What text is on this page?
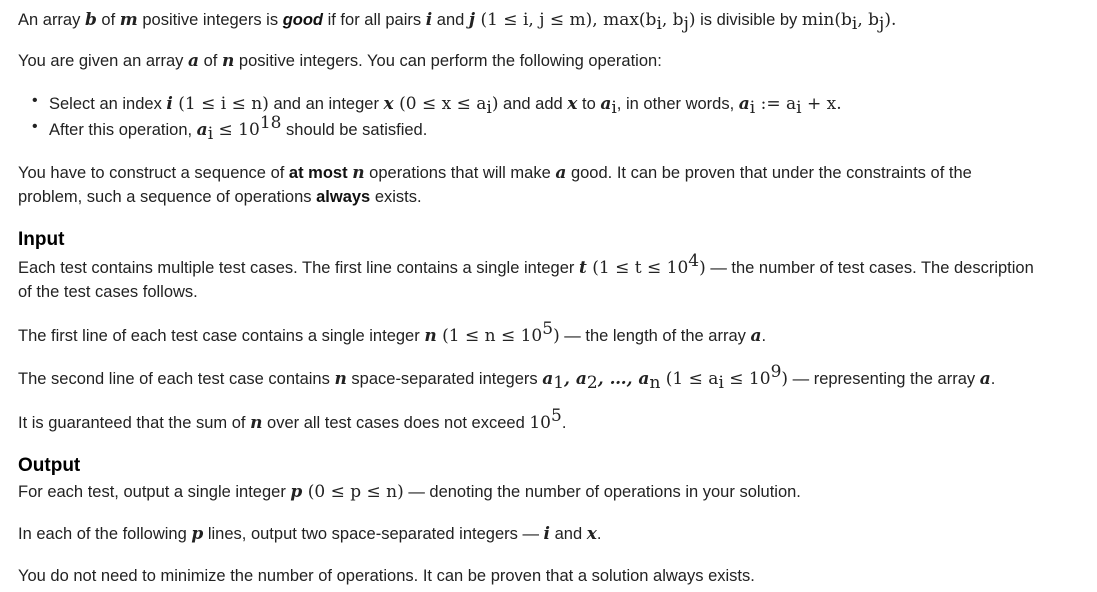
An array b of m positive integers is good if for all pairs i and j (1 ≤ i, j ≤ m), $\max(b_i$, $b_j$) is divisible by $\min(b_i$, $b_j$).
You are given an array a of n positive integers. You can perform the following operation:
• Select an index i (1 ≤ i ≤ n) and an integer x $(0 \le x \le a_i)$ and add x to $a_i$, in other words, $a_i$ := $a_i + x$.
• After this operation, $a_i \le 10^{18}$ should be satisfied.
You have to construct a sequence of at most n operations that will make a good. It can be proven that under the constraints of the
problem, such a sequence of operations always exists.
Input
Each test contains multiple test cases. The first line contains a single integer t $(1 \le t \le 10^4)$ — the number of test cases. The description
of the test cases follows.
The first line of each test case contains a single integer n $(1 \le n \le 10^5)$ — the length of the array a.
The second line of each test case contains n space-separated integers $a_1$, $a_2$, …, $a_n$ $(1 \le a_i \le 10^9)$ — representing the array a.
It is guaranteed that the sum of n over all test cases does not exceed $10^5$.
Output
For each test, output a single integer p (0 ≤ p ≤ n) — denoting the number of operations in your solution.
In each of the following p lines, output two space-separated integers — i and x.
You do not need to minimize the number of operations. It can be proven that a solution always exists.
